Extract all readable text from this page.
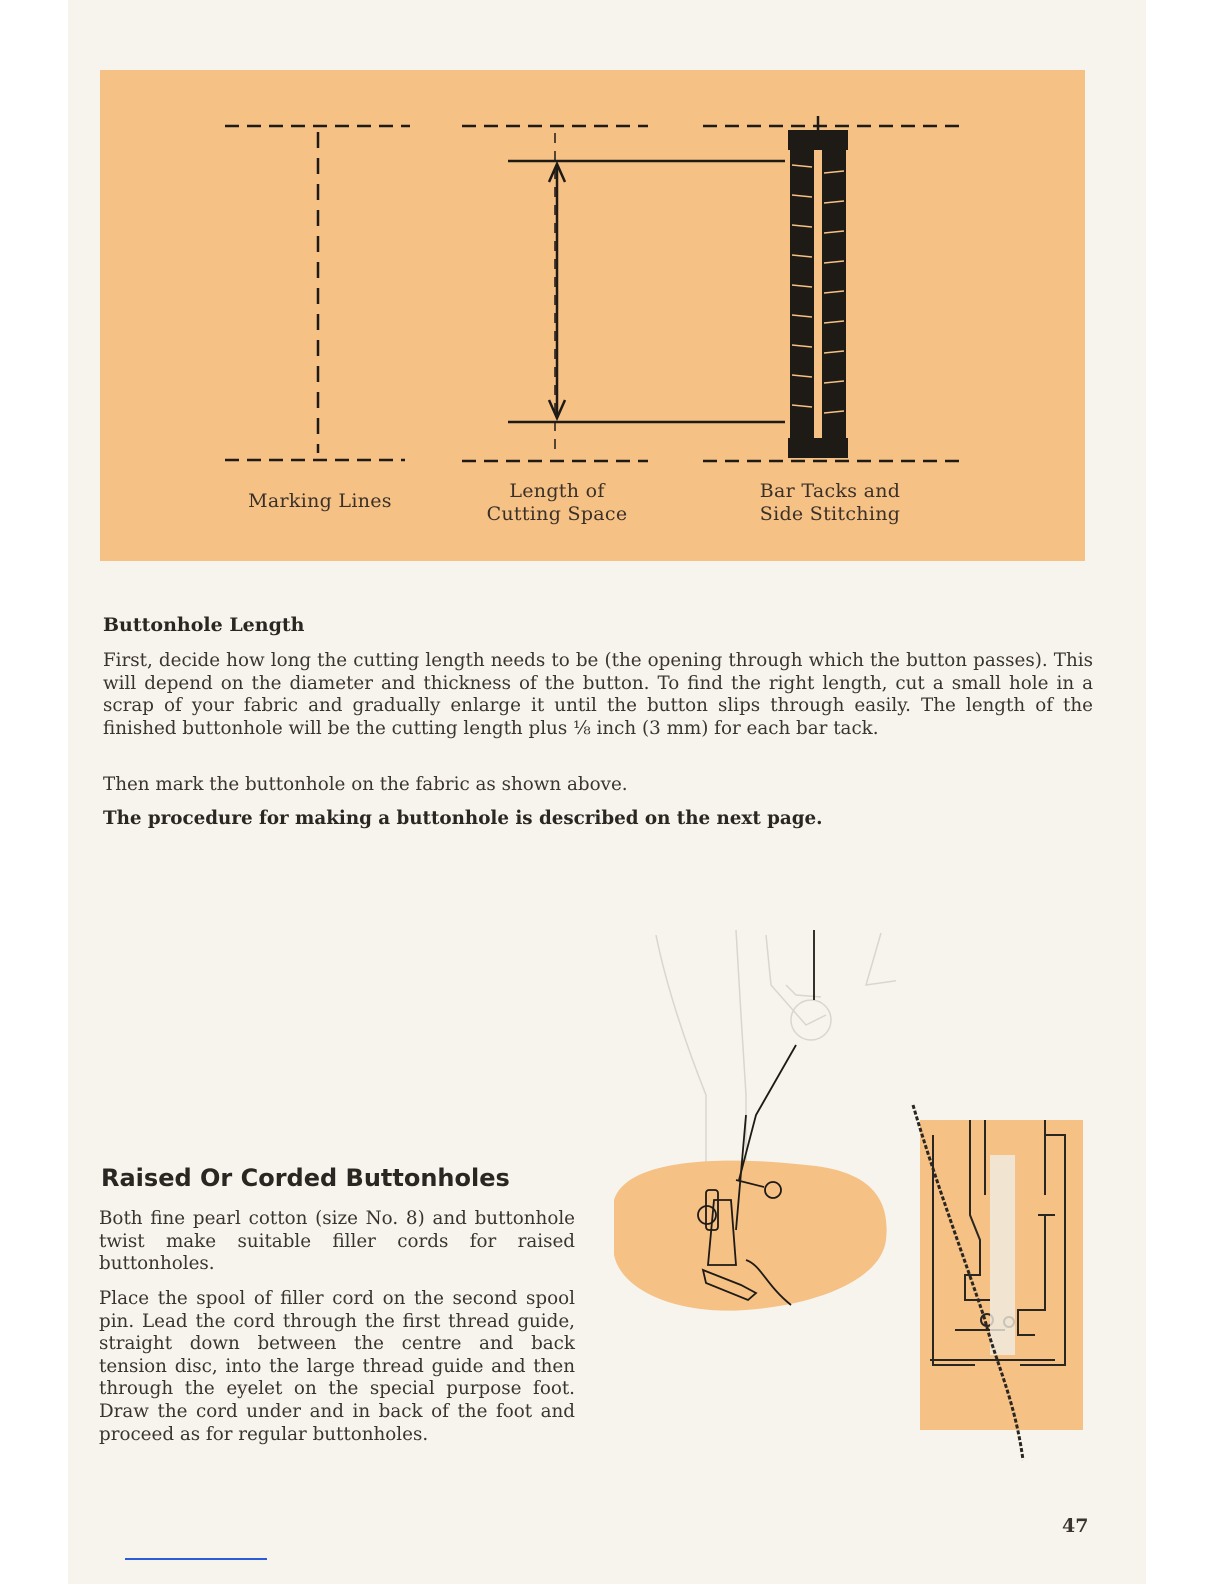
Marking Lines	Length of
Cutting Space
Bar Tacks and
Side Stitching
Buttonhole Length
First, decide how long the cutting length needs to be (the opening through which the button passes). This will depend on the diameter and thickness of the button. To find the right length, cut a small hole in a scrap of your fabric and gradually enlarge it until the button slips through easily. The length of the finished buttonhole will be the cutting length plus ⅛ inch (3 mm) for each bar tack.
Then mark the buttonhole on the fabric as shown above.
The procedure for making a buttonhole is described on the next page.
Raised Or Corded Buttonholes
Both fine pearl cotton (size No. 8) and buttonhole twist make suitable filler cords for raised buttonholes.
Place the spool of filler cord on the second spool pin. Lead the cord through the first thread guide, straight down between the centre and back tension disc, into the large thread guide and then through the eyelet on the special purpose foot. Draw the cord under and in back of the foot and proceed as for regular buttonholes.
47
